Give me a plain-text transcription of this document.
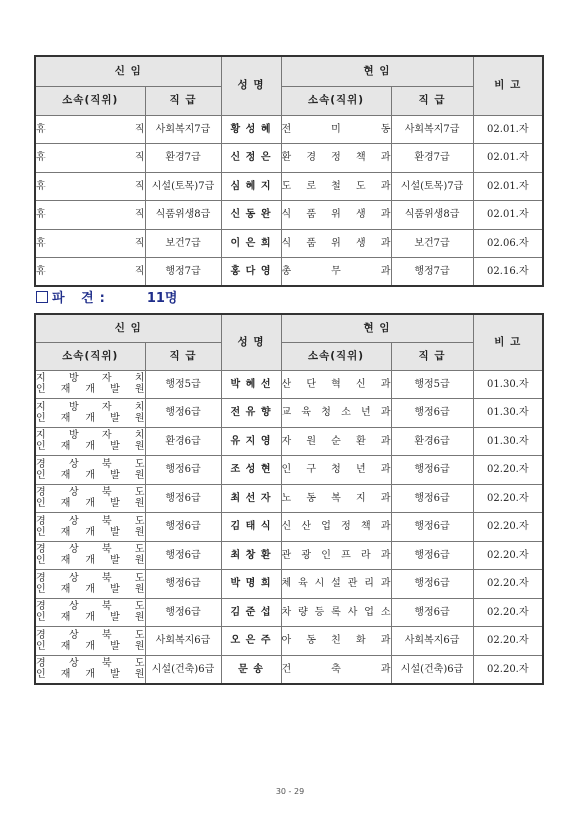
신 임		성 명	현 임		비 고
소속(직위)	직 급		소속(직위)	직 급	
휴 직	사회복지7급	황 성 혜	전 미 동	사회복지7급	02.01.자
휴 직	환경7급	신 정 은	환 경 정 책 과	환경7급	02.01.자
휴 직	시설(토목)7급	심 혜 지	도 로 철 도 과	시설(토목)7급	02.01.자
휴 직	식품위생8급	신 동 완	식 품 위 생 과	식품위생8급	02.01.자
휴 직	보건7급	이 은 희	식 품 위 생 과	보건7급	02.06.자
휴 직	행정7급	홍 다 영	총 무 과	행정7급	02.16.자
파 견:	11명
신 임		성 명	현 임		비 고
소속(직위)	직 급		소속(직위)	직 급	

지 방 자 치
인 재 개 발 원	행정5급	박 혜 선	산 단 혁 신 과	행정5급	01.30.자

지 방 자 치
인 재 개 발 원	행정6급	전 유 향	교 육 청 소 년 과	행정6급	01.30.자

지 방 자 치
인 재 개 발 원	환경6급	유 지 영	자 원 순 환 과	환경6급	01.30.자

경 상 북 도
인 재 개 발 원	행정6급	조 성 현	인 구 청 년 과	행정6급	02.20.자

경 상 북 도
인 재 개 발 원	행정6급	최 선 자	노 동 복 지 과	행정6급	02.20.자

경 상 북 도
인 재 개 발 원	행정6급	김 태 식	신 산 업 정 책 과	행정6급	02.20.자

경 상 북 도
인 재 개 발 원	행정6급	최 창 환	관 광 인 프 라 과	행정6급	02.20.자

경 상 북 도
인 재 개 발 원	행정6급	박 명 희	체 육 시 설 관 리 과	행정6급	02.20.자

경 상 북 도
인 재 개 발 원	행정6급	김 준 섭	차 량 등 록 사 업 소	행정6급	02.20.자

경 상 북 도
인 재 개 발 원	사회복지6급	오 은 주	아 동 친 화 과	사회복지6급	02.20.자

경 상 북 도
인 재 개 발 원	시설(건축)6급	문 송	건 축 과	시설(건축)6급	02.20.자
30 - 29
